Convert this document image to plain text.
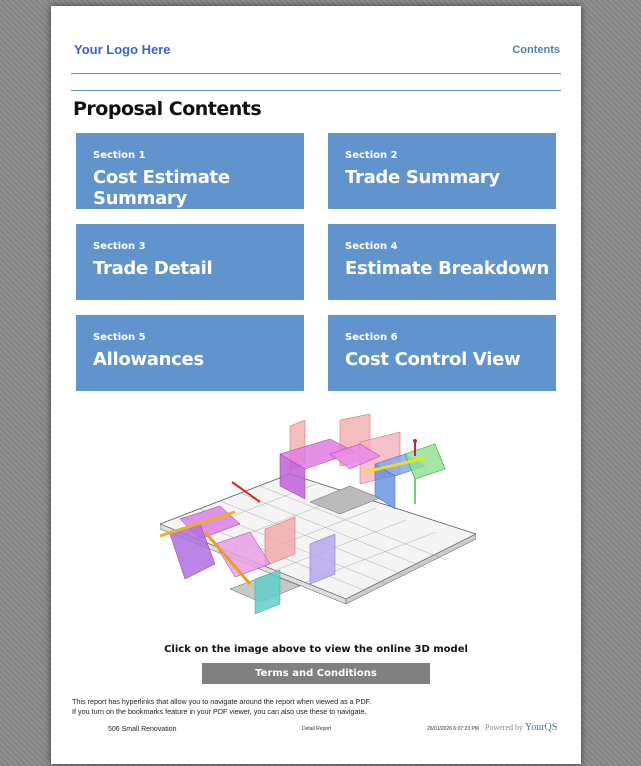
Your Logo Here	Contents
Proposal Contents
Section 1
Cost Estimate Summary
Section 2
Trade Summary
Section 3
Trade Detail
Section 4
Estimate Breakdown
Section 5
Allowances
Section 6
Cost Control View
Click on the image above to view the online 3D model
Terms and Conditions
This report has hyperlinks that allow you to navigate around the report when viewed as a PDF.
If you turn on the bookmarks feature in your PDF viewer, you can also use these to navigate.
506 Small Renovation	Detail Report	26/01/2026 6:07:23 PM Powered by YourQS
